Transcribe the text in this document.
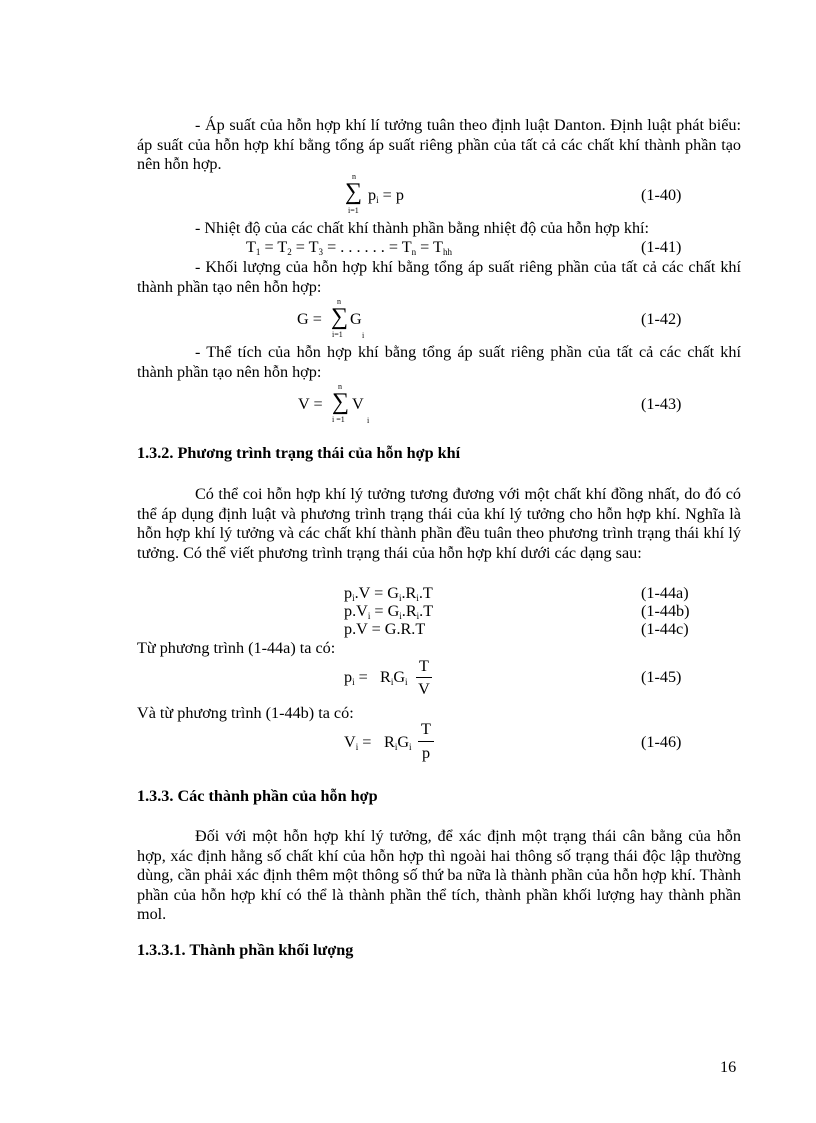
- Áp suất của hỗn hợp khí lí tưởng tuân theo định luật Danton. Định luật phát biểu: áp suất của hỗn hợp khí bằng tổng áp suất riêng phần của tất cả các chất khí thành phần tạo nên hỗn hợp.
n
∑
i=1
$p_i = p$	(1-40)
- Nhiệt độ của các chất khí thành phần bằng nhiệt độ của hỗn hợp khí:
$T_1 = T_2 = T_3$ = . . . . . . = $T_n = T_{hh}$	(1-41)
- Khối lượng của hỗn hợp khí bằng tổng áp suất riêng phần của tất cả các chất khí thành phần tạo nên hỗn hợp:
G =
n
∑
i=1
G
i
(1-42)
- Thể tích của hỗn hợp khí bằng tổng áp suất riêng phần của tất cả các chất khí thành phần tạo nên hỗn hợp:
V =
n
∑
i =1
V
i
(1-43)
1.3.2. Phương trình trạng thái của hỗn hợp khí
Có thể coi hỗn hợp khí lý tưởng tương đương với một chất khí đồng nhất, do đó có thể áp dụng định luật và phương trình trạng thái của khí lý tưởng cho hỗn hợp khí. Nghĩa là hỗn hợp khí lý tưởng và các chất khí thành phần đều tuân theo phương trình trạng thái khí lý tưởng. Có thể viết phương trình trạng thái của hỗn hợp khí dưới các dạng sau:
$p_i.V = G_i.R_i.T$	(1-44a)
$p.V_i = G_i.R_i.T$	(1-44b)
p.V = G.R.T	(1-44c)
Từ phương trình (1-44a) ta có:
$p_i = R_iG_i$
T
V
(1-45)
Và từ phương trình (1-44b) ta có:
$V_i = R_iG_i$
T
p
(1-46)
1.3.3. Các thành phần của hỗn hợp
Đối với một hỗn hợp khí lý tưởng, để xác định một trạng thái cân bằng của hỗn hợp, xác định hằng số chất khí của hỗn hợp thì ngoài hai thông số trạng thái độc lập thường dùng, cần phải xác định thêm một thông số thứ ba nữa là thành phần của hỗn hợp khí. Thành phần của hỗn hợp khí có thể là thành phần thể tích, thành phần khối lượng hay thành phần mol.
1.3.3.1. Thành phần khối lượng
16
